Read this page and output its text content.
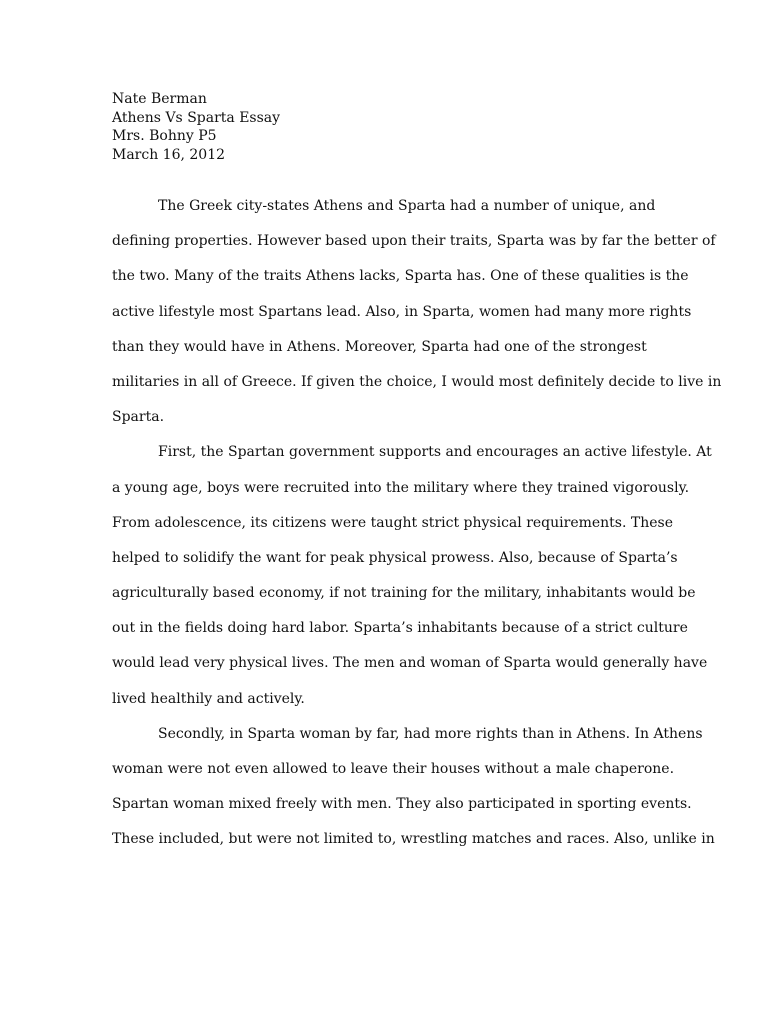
Nate Berman
Athens Vs Sparta Essay
Mrs. Bohny P5
March 16, 2012
The Greek city-states Athens and Sparta had a number of unique, and
defining properties. However based upon their traits, Sparta was by far the better of
the two. Many of the traits Athens lacks, Sparta has. One of these qualities is the
active lifestyle most Spartans lead. Also, in Sparta, women had many more rights
than they would have in Athens. Moreover, Sparta had one of the strongest
militaries in all of Greece. If given the choice, I would most definitely decide to live in
Sparta.
First, the Spartan government supports and encourages an active lifestyle. At
a young age, boys were recruited into the military where they trained vigorously.
From adolescence, its citizens were taught strict physical requirements. These
helped to solidify the want for peak physical prowess. Also, because of Sparta’s
agriculturally based economy, if not training for the military, inhabitants would be
out in the fields doing hard labor. Sparta’s inhabitants because of a strict culture
would lead very physical lives. The men and woman of Sparta would generally have
lived healthily and actively.
Secondly, in Sparta woman by far, had more rights than in Athens. In Athens
woman were not even allowed to leave their houses without a male chaperone.
Spartan woman mixed freely with men. They also participated in sporting events.
These included, but were not limited to, wrestling matches and races. Also, unlike in
